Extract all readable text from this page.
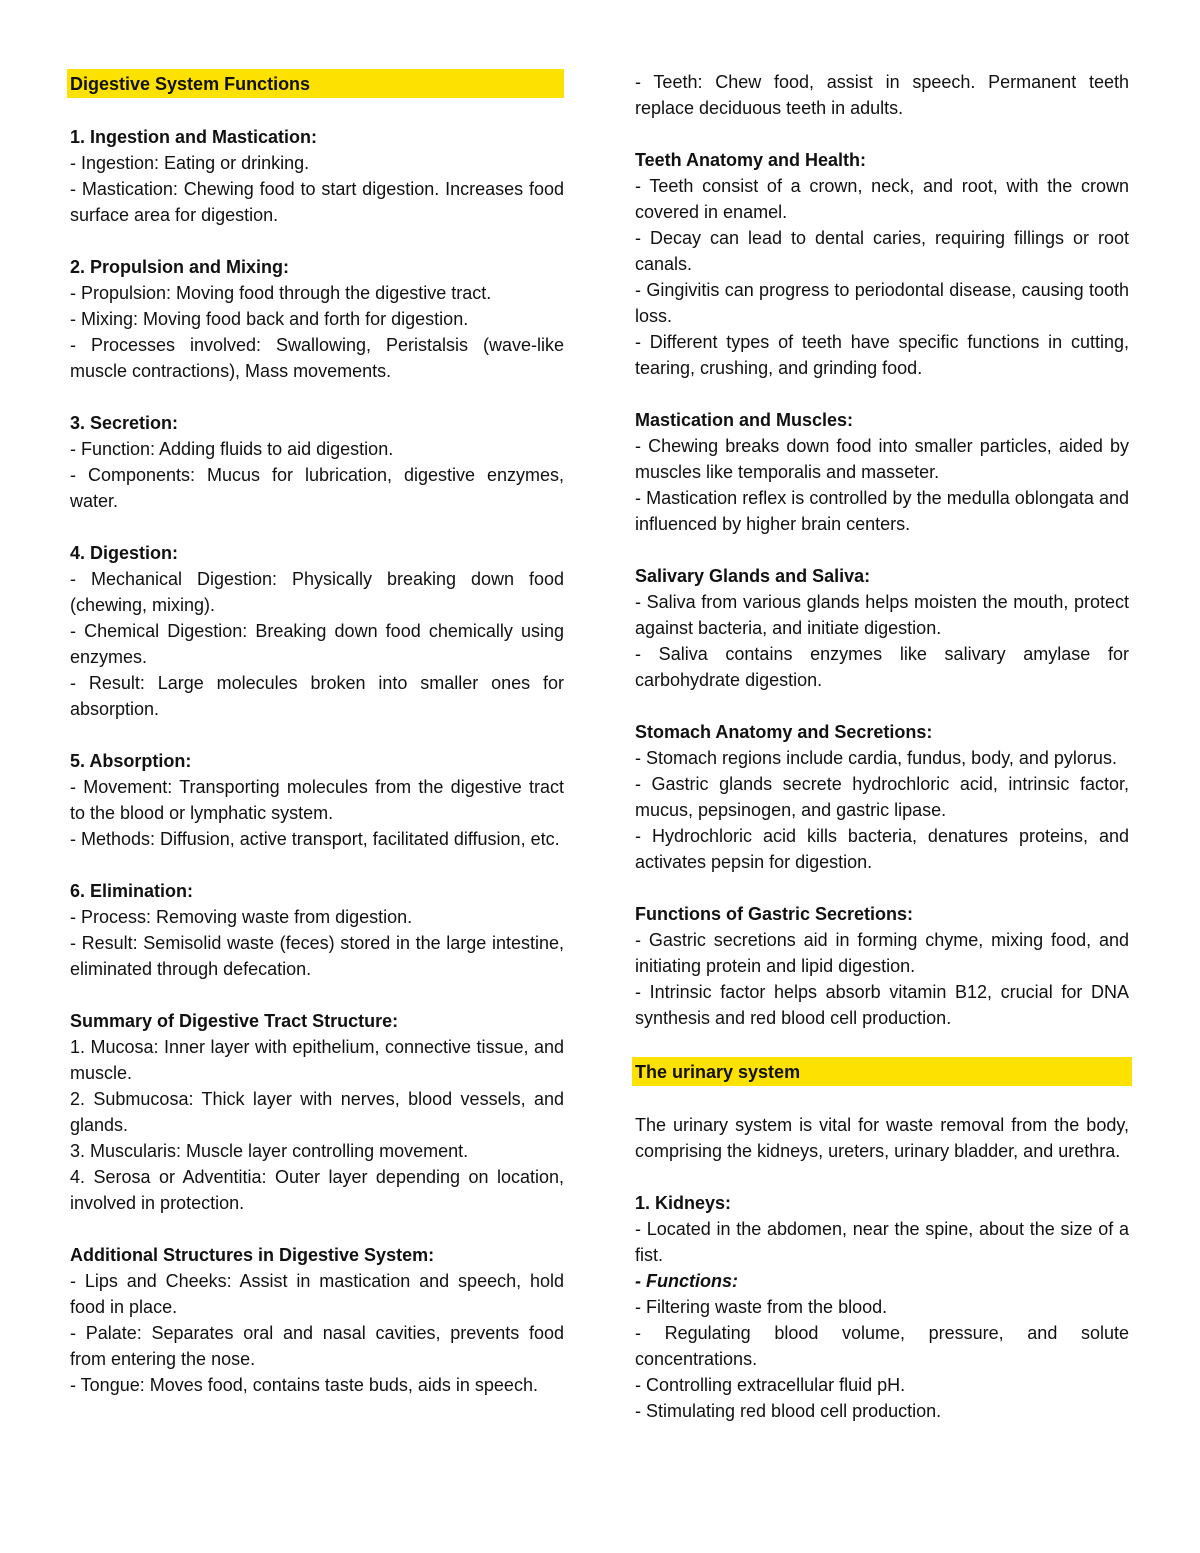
Digestive System Functions
1. Ingestion and Mastication:
- Ingestion: Eating or drinking.
- Mastication: Chewing food to start digestion. Increases food surface area for digestion.
2. Propulsion and Mixing:
- Propulsion: Moving food through the digestive tract.
- Mixing: Moving food back and forth for digestion.
- Processes involved: Swallowing, Peristalsis (wave-like muscle contractions), Mass movements.
3. Secretion:
- Function: Adding fluids to aid digestion.
- Components: Mucus for lubrication, digestive enzymes, water.
4. Digestion:
- Mechanical Digestion: Physically breaking down food (chewing, mixing).
- Chemical Digestion: Breaking down food chemically using enzymes.
- Result: Large molecules broken into smaller ones for absorption.
5. Absorption:
- Movement: Transporting molecules from the digestive tract to the blood or lymphatic system.
- Methods: Diffusion, active transport, facilitated diffusion, etc.
6. Elimination:
- Process: Removing waste from digestion.
- Result: Semisolid waste (feces) stored in the large intestine, eliminated through defecation.
Summary of Digestive Tract Structure:
1. Mucosa: Inner layer with epithelium, connective tissue, and muscle.
2. Submucosa: Thick layer with nerves, blood vessels, and glands.
3. Muscularis: Muscle layer controlling movement.
4. Serosa or Adventitia: Outer layer depending on location, involved in protection.
Additional Structures in Digestive System:
- Lips and Cheeks: Assist in mastication and speech, hold food in place.
- Palate: Separates oral and nasal cavities, prevents food from entering the nose.
- Tongue: Moves food, contains taste buds, aids in speech.
- Teeth: Chew food, assist in speech. Permanent teeth replace deciduous teeth in adults.
Teeth Anatomy and Health:
- Teeth consist of a crown, neck, and root, with the crown covered in enamel.
- Decay can lead to dental caries, requiring fillings or root canals.
- Gingivitis can progress to periodontal disease, causing tooth loss.
- Different types of teeth have specific functions in cutting, tearing, crushing, and grinding food.
Mastication and Muscles:
- Chewing breaks down food into smaller particles, aided by muscles like temporalis and masseter.
- Mastication reflex is controlled by the medulla oblongata and influenced by higher brain centers.
Salivary Glands and Saliva:
- Saliva from various glands helps moisten the mouth, protect against bacteria, and initiate digestion.
- Saliva contains enzymes like salivary amylase for carbohydrate digestion.
Stomach Anatomy and Secretions:
- Stomach regions include cardia, fundus, body, and pylorus.
- Gastric glands secrete hydrochloric acid, intrinsic factor, mucus, pepsinogen, and gastric lipase.
- Hydrochloric acid kills bacteria, denatures proteins, and activates pepsin for digestion.
Functions of Gastric Secretions:
- Gastric secretions aid in forming chyme, mixing food, and initiating protein and lipid digestion.
- Intrinsic factor helps absorb vitamin B12, crucial for DNA synthesis and red blood cell production.
The urinary system
The urinary system is vital for waste removal from the body, comprising the kidneys, ureters, urinary bladder, and urethra.
1. Kidneys:
- Located in the abdomen, near the spine, about the size of a fist.
- Functions:
- Filtering waste from the blood.
- Regulating blood volume, pressure, and solute concentrations.
- Controlling extracellular fluid pH.
- Stimulating red blood cell production.
